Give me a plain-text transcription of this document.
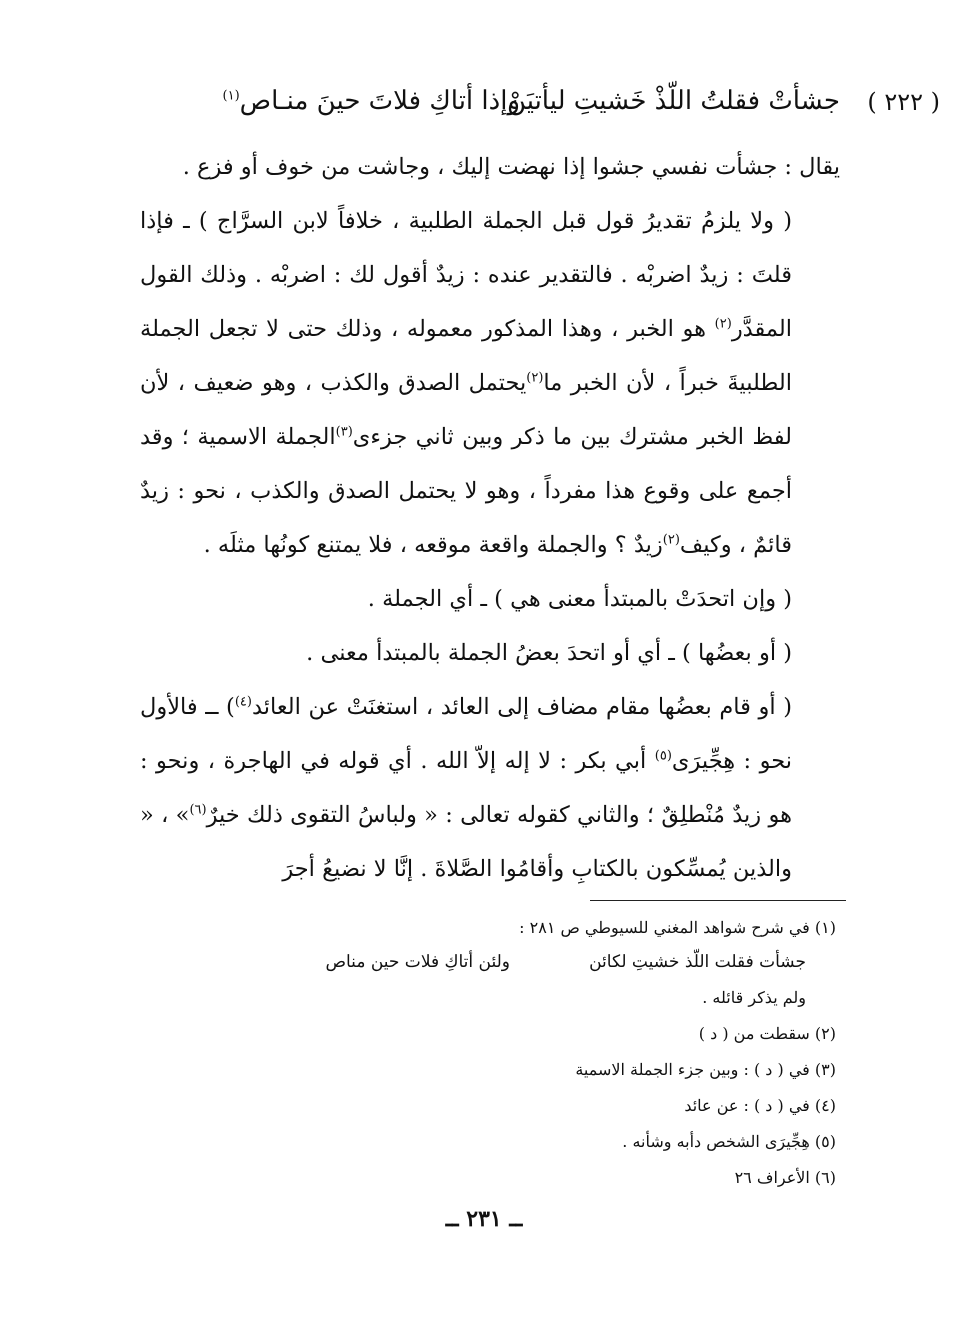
( ٢٢٢ )
جشأتْ فقلتُ اللّذْ خَشيتِ ليأتيَنْ
وإذا أتاكِ فلاتَ حينَ منـاص$^{(١)}$

يقال : جشأت نفسي جشوا إذا نهضت إليك ، وجاشت من خوف أو فزع .

( ولا يلزمُ تقديرُ قول قبل الجملة الطلبية ، خلافاً لابن السرَّاج ) ـ فإذا قلتَ : زيدٌ اضربْه . فالتقدير عنده : زيدٌ أقول لك : اضربْه . وذلك القول المقدَّر$^{(٢)}$ هو الخبر ، وهذا المذكور معموله ، وذلك حتى لا تجعل الجملة الطلبيةَ خبراً ، لأن الخبر ما$^{(٢)}$يحتمل الصدق والكذب ، وهو ضعيف ، لأن لفظ الخبر مشترك بين ما ذكر وبين ثاني جزءى$^{(٣)}$الجملة الاسمية ؛ وقد أجمع على وقوع هذا مفرداً ، وهو لا يحتمل الصدق والكذب ، نحو : زيدٌ قائمٌ ، وكيف$^{(٢)}$زيدٌ ؟ والجملة واقعة موقعه ، فلا يمتنع كونُها مثلَه .

( وإن اتحدَتْ بالمبتدأ معنى هي ) ـ أي الجملة .

( أو بعضُها ) ـ أي أو اتحدَ بعضُ الجملة بالمبتدأ معنى .

( أو قام بعضُها مقام مضاف إلى العائد ، استغنَتْ عن العائد$^{(٤)}$) ــ فالأول نحو : هِجِّيرَى$^{(٥)}$ أبي بكر : لا إله إلاّ الله . أي قوله في الهاجرة ، ونحو : هو زيدٌ مُنْطلِقٌ ؛ والثاني كقوله تعالى : « ولباسُ التقوى ذلك خيرٌ$^{(٦)}$» ، « والذين يُمسِّكون بالكتابِ وأقامُوا الصَّلاةَ . إنَّا لا نضيعُ أجرَ

(١) في شرح شواهد المغني للسيوطي ص ٢٨١ :
جشأت فقلت اللّذ خشيتِ لكائن
ولئن أتاكِ فلات حين مناص
ولم يذكر قائله .
(٢) سقطت من ( د )
(٣) في ( د ) : وبين جزء الجملة الاسمية
(٤) في ( د ) : عن عائد
(٥) هِجِّيرَى الشخص دأبه وشأنه .
(٦) الأعراف ٢٦
ــ ٢٣١ ــ
